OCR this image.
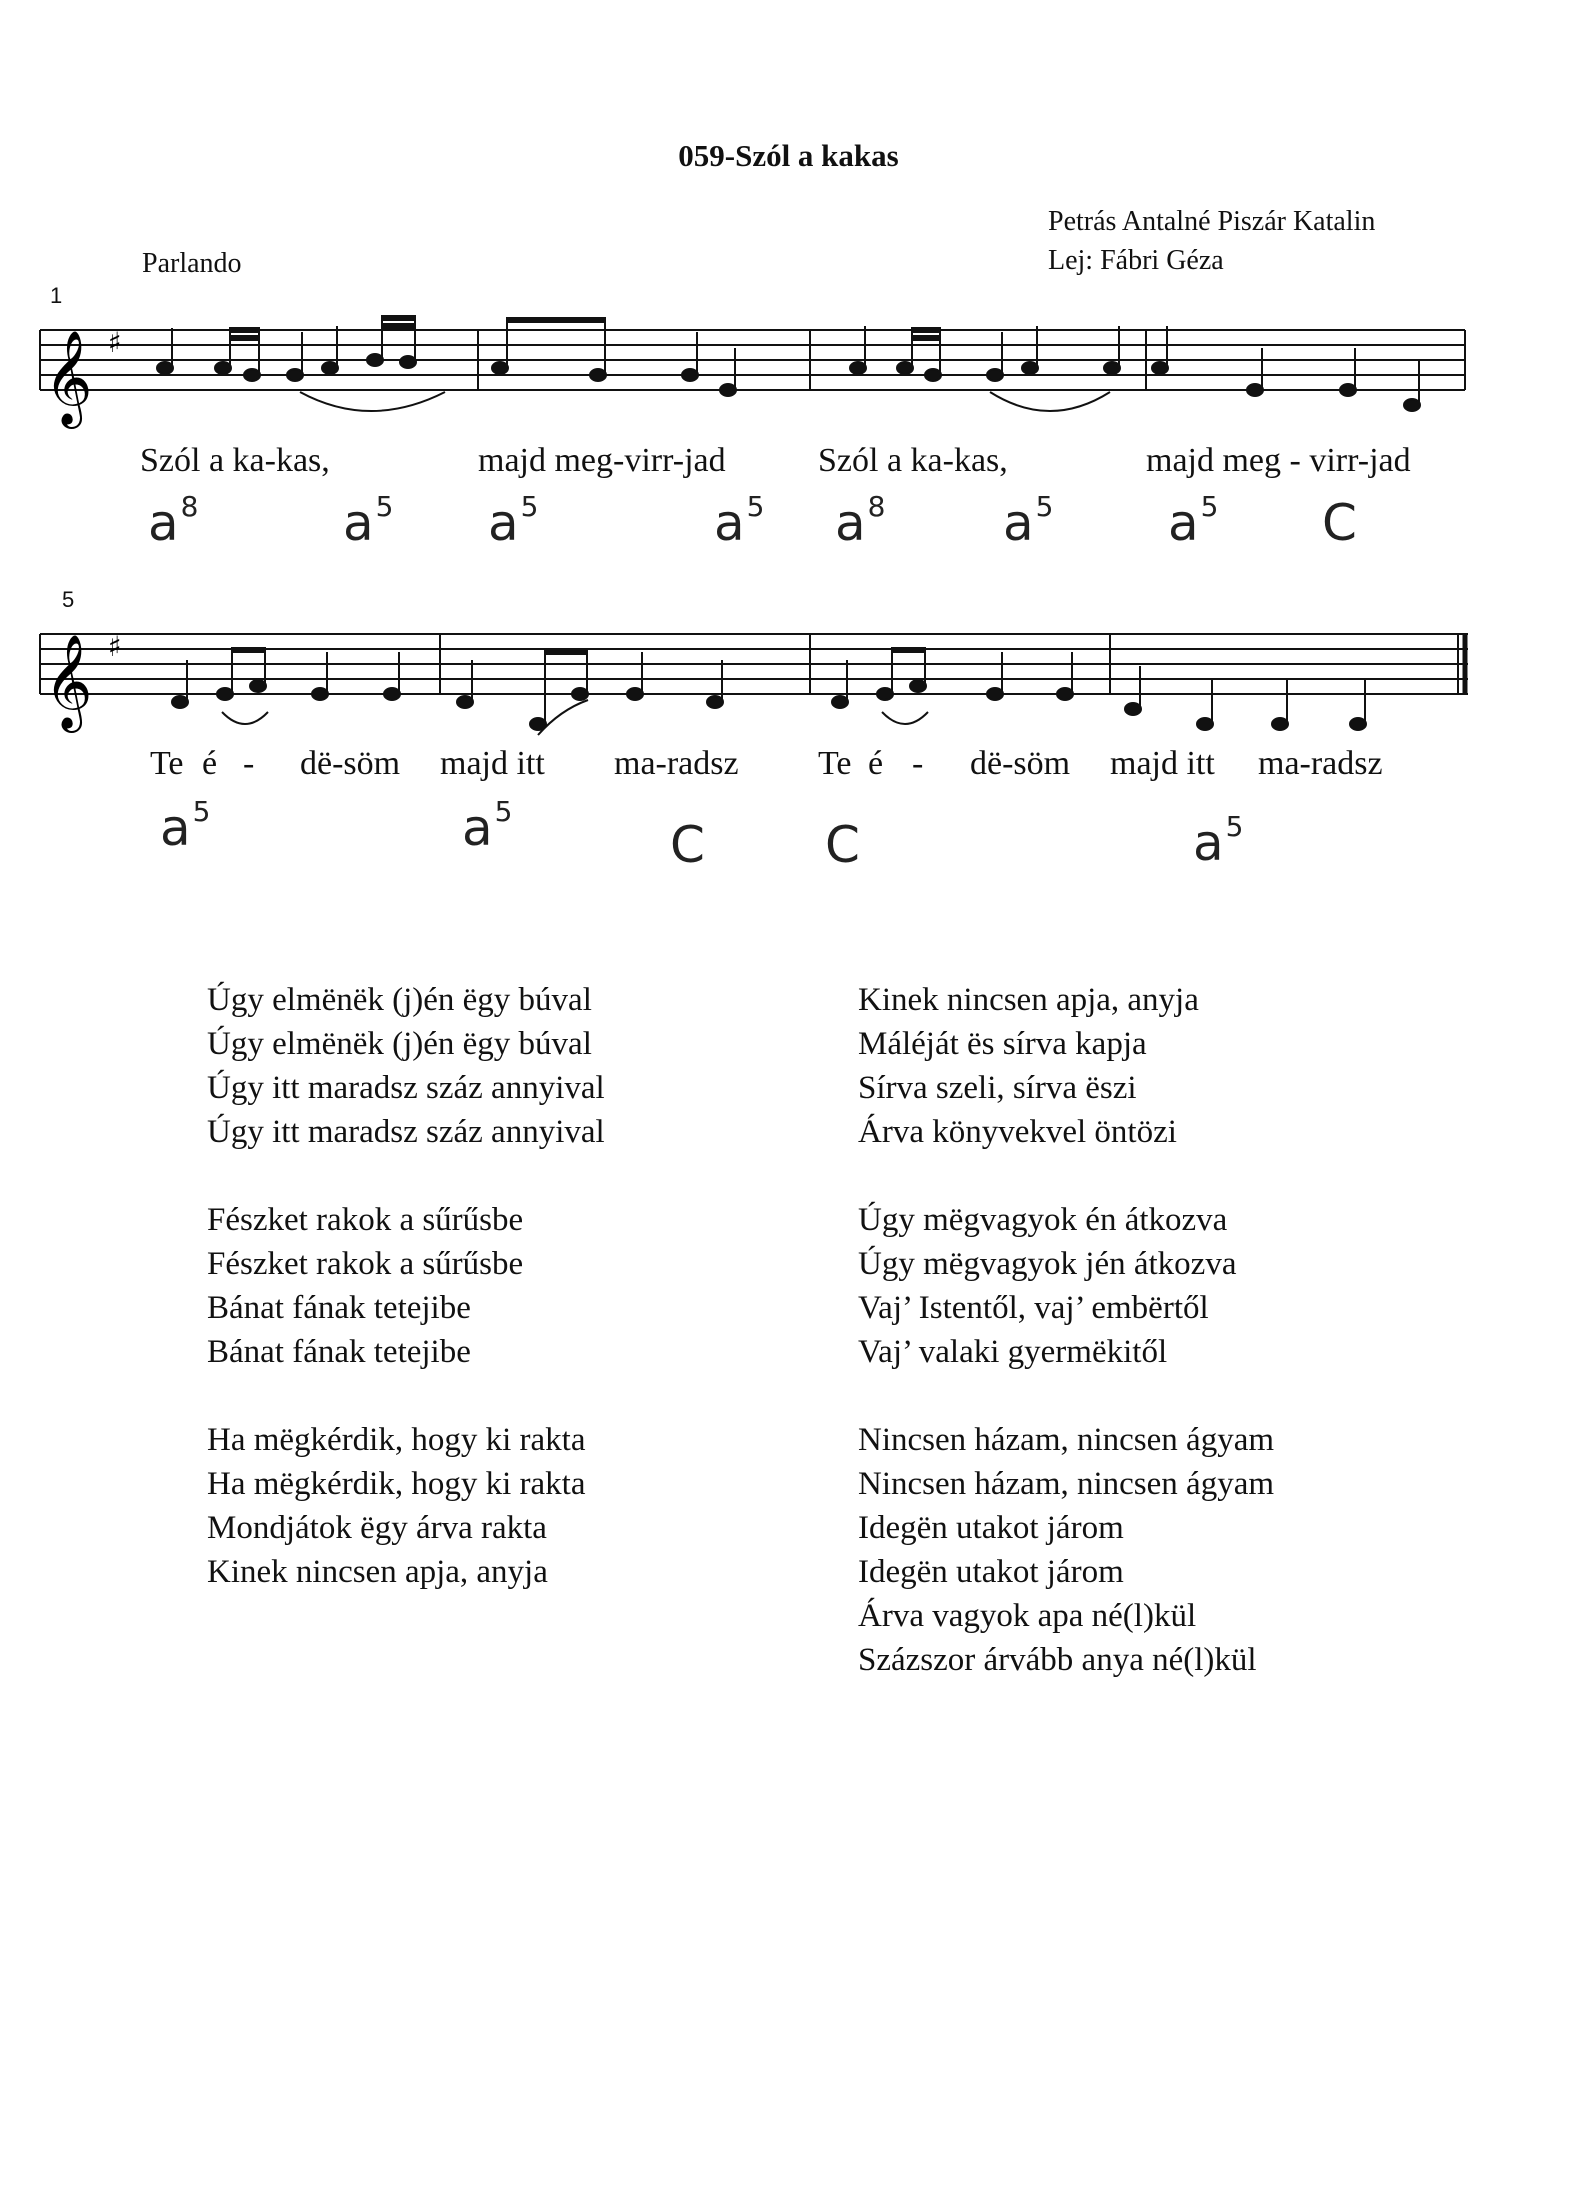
059-Szól a kakas
Petrás Antalné Piszár Katalin
Lej: Fábri Géza
Parlando
1
𝄞 ♯
Szól a ka-kas,	majd meg-virr-jad	Szól a ka-kas,	majd meg - virr-jad
$a^8$	$a^5$ $a^5$	$a^5$ $a^8$ $a^5$ $a^5$ C
5
𝄞 ♯
Te é - dë-söm majd itt ma-radsz Te é - dë-söm majd itt ma-radsz
$a^5$	$a^5$
C C	$a^5$
Úgy elmënëk (j)én ëgy búval
Úgy elmënëk (j)én ëgy búval
Úgy itt maradsz száz annyival
Úgy itt maradsz száz annyival
Fészket rakok a sűrűsbe
Fészket rakok a sűrűsbe
Bánat fának tetejibe
Bánat fának tetejibe
Ha mëgkérdik, hogy ki rakta
Ha mëgkérdik, hogy ki rakta
Mondjátok ëgy árva rakta
Kinek nincsen apja, anyja
Kinek nincsen apja, anyja
Máléját ës sírva kapja
Sírva szeli, sírva ëszi
Árva könyvekvel öntözi
Úgy mëgvagyok én átkozva
Úgy mëgvagyok jén átkozva
Vaj’ Istentől, vaj’ embërtől
Vaj’ valaki gyermëkitől
Nincsen házam, nincsen ágyam
Nincsen házam, nincsen ágyam
Idegën utakot járom
Idegën utakot járom
Árva vagyok apa né(l)kül
Százszor árvább anya né(l)kül
